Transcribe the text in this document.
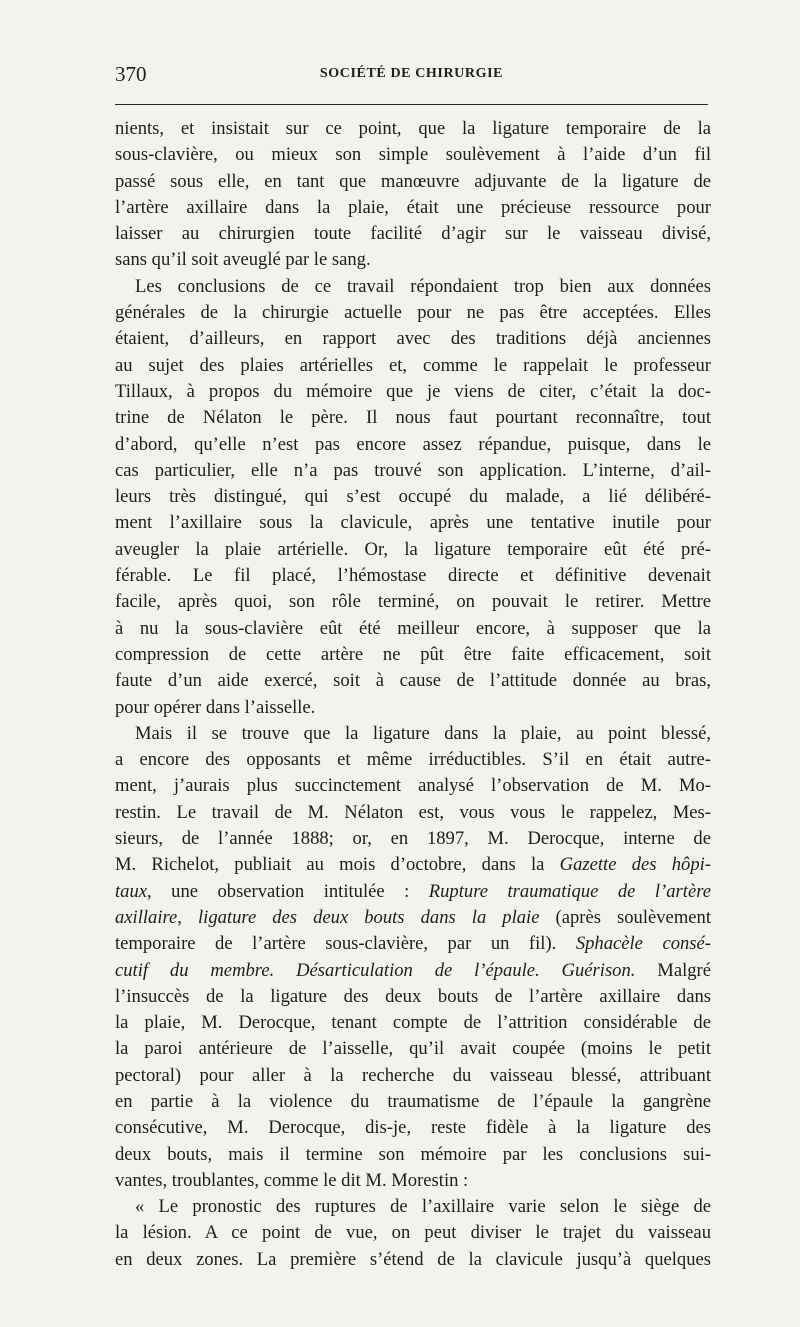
370	SOCIÉTÉ DE CHIRURGIE
nients, et insistait sur ce point, que la ligature temporaire de la
sous-clavière, ou mieux son simple soulèvement à l’aide d’un fil
passé sous elle, en tant que manœuvre adjuvante de la ligature de
l’artère axillaire dans la plaie, était une précieuse ressource pour
laisser au chirurgien toute facilité d’agir sur le vaisseau divisé,
sans qu’il soit aveuglé par le sang.
Les conclusions de ce travail répondaient trop bien aux données
générales de la chirurgie actuelle pour ne pas être acceptées. Elles
étaient, d’ailleurs, en rapport avec des traditions déjà anciennes
au sujet des plaies artérielles et, comme le rappelait le professeur
Tillaux, à propos du mémoire que je viens de citer, c’était la doc-
trine de Nélaton le père. Il nous faut pourtant reconnaître, tout
d’abord, qu’elle n’est pas encore assez répandue, puisque, dans le
cas particulier, elle n’a pas trouvé son application. L’interne, d’ail-
leurs très distingué, qui s’est occupé du malade, a lié délibéré-
ment l’axillaire sous la clavicule, après une tentative inutile pour
aveugler la plaie artérielle. Or, la ligature temporaire eût été pré-
férable. Le fil placé, l’hémostase directe et définitive devenait
facile, après quoi, son rôle terminé, on pouvait le retirer. Mettre
à nu la sous-clavière eût été meilleur encore, à supposer que la
compression de cette artère ne pût être faite efficacement, soit
faute d’un aide exercé, soit à cause de l’attitude donnée au bras,
pour opérer dans l’aisselle.
Mais il se trouve que la ligature dans la plaie, au point blessé,
a encore des opposants et même irréductibles. S’il en était autre-
ment, j’aurais plus succinctement analysé l’observation de M. Mo-
restin. Le travail de M. Nélaton est, vous vous le rappelez, Mes-
sieurs, de l’année 1888; or, en 1897, M. Derocque, interne de
M. Richelot, publiait au mois d’octobre, dans la Gazette des hôpi-
taux, une observation intitulée : Rupture traumatique de l’artère
axillaire, ligature des deux bouts dans la plaie (après soulèvement
temporaire de l’artère sous-clavière, par un fil). Sphacèle consé-
cutif du membre. Désarticulation de l’épaule. Guérison. Malgré
l’insuccès de la ligature des deux bouts de l’artère axillaire dans
la plaie, M. Derocque, tenant compte de l’attrition considérable de
la paroi antérieure de l’aisselle, qu’il avait coupée (moins le petit
pectoral) pour aller à la recherche du vaisseau blessé, attribuant
en partie à la violence du traumatisme de l’épaule la gangrène
consécutive, M. Derocque, dis-je, reste fidèle à la ligature des
deux bouts, mais il termine son mémoire par les conclusions sui-
vantes, troublantes, comme le dit M. Morestin :
« Le pronostic des ruptures de l’axillaire varie selon le siège de
la lésion. A ce point de vue, on peut diviser le trajet du vaisseau
en deux zones. La première s’étend de la clavicule jusqu’à quelques
